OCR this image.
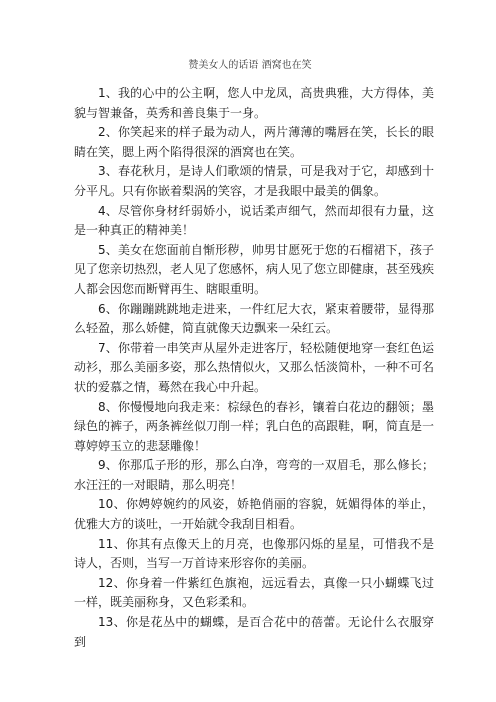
赞美女人的话语 酒窝也在笑

1、我的心中的公主啊，您人中龙凤，高贵典雅，大方得体，美貌与智兼备，英秀和善良集于一身。

2、你笑起来的样子最为动人，两片薄薄的嘴唇在笑，长长的眼睛在笑，腮上两个陷得很深的酒窝也在笑。

3、春花秋月，是诗人们歌颂的情景，可是我对于它，却感到十分平凡。只有你嵌着梨涡的笑容，才是我眼中最美的偶象。

4、尽管你身材纤弱娇小，说话柔声细气，然而却很有力量，这是一种真正的精神美！

5、美女在您面前自惭形秽，帅男甘愿死于您的石榴裙下，孩子见了您亲切热烈，老人见了您感怀，病人见了您立即健康，甚至残疾人都会因您而断臂再生、瞎眼重明。

6、你蹦蹦跳跳地走进来，一件红尼大衣，紧束着腰带，显得那么轻盈，那么娇健，简直就像天边飘来一朵红云。

7、你带着一串笑声从屋外走进客厅，轻松随便地穿一套红色运动衫，那么美丽多姿，那么热情似火，又那么恬淡简朴，一种不可名状的爱慕之情，蓦然在我心中升起。

8、你慢慢地向我走来：棕绿色的春衫，镶着白花边的翻领；墨绿色的裤子，两条裤丝似刀削一样；乳白色的高跟鞋，啊，简直是一尊婷婷玉立的悲瑟雕像！

9、你那瓜子形的形，那么白净，弯弯的一双眉毛，那么修长；水汪汪的一对眼睛，那么明亮！

10、你娉婷婉约的风姿，娇艳俏丽的容貌，妩媚得体的举止，优雅大方的谈吐，一开始就令我刮目相看。

11、你其有点像天上的月亮，也像那闪烁的星星，可惜我不是诗人，否则，当写一万首诗来形容你的美丽。

12、你身着一件紫红色旗袍，远远看去，真像一只小蝴蝶飞过一样，既美丽称身，又色彩柔和。

13、你是花丛中的蝴蝶，是百合花中的蓓蕾。无论什么衣服穿到
